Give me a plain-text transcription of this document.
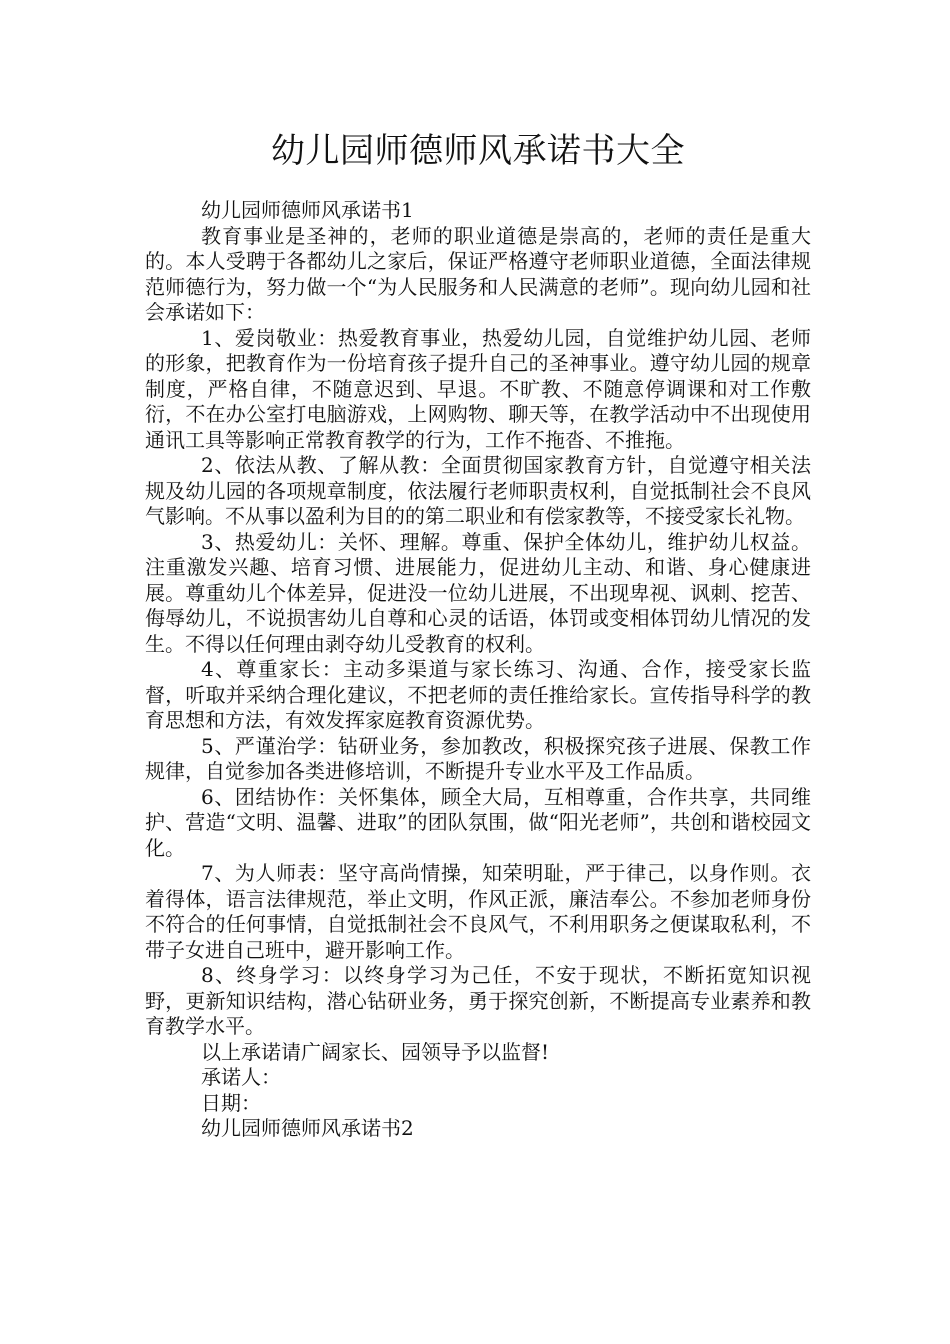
幼儿园师德师风承诺书大全

幼儿园师德师风承诺书1

教育事业是圣神的，老师的职业道德是崇高的，老师的责任是重大的。本人受聘于各都幼儿之家后，保证严格遵守老师职业道德，全面法律规范师德行为，努力做一个“为人民服务和人民满意的老师”。现向幼儿园和社会承诺如下：

1、爱岗敬业：热爱教育事业，热爱幼儿园，自觉维护幼儿园、老师的形象，把教育作为一份培育孩子提升自己的圣神事业。遵守幼儿园的规章制度，严格自律，不随意迟到、早退。不旷教、不随意停调课和对工作敷衍，不在办公室打电脑游戏，上网购物、聊天等，在教学活动中不出现使用通讯工具等影响正常教育教学的行为，工作不拖沓、不推拖。

2、依法从教、了解从教：全面贯彻国家教育方针，自觉遵守相关法规及幼儿园的各项规章制度，依法履行老师职责权利，自觉抵制社会不良风气影响。不从事以盈利为目的的第二职业和有偿家教等，不接受家长礼物。

3、热爱幼儿：关怀、理解。尊重、保护全体幼儿，维护幼儿权益。注重激发兴趣、培育习惯、进展能力，促进幼儿主动、和谐、身心健康进展。尊重幼儿个体差异，促进没一位幼儿进展，不出现卑视、讽刺、挖苦、侮辱幼儿，不说损害幼儿自尊和心灵的话语，体罚或变相体罚幼儿情况的发生。不得以任何理由剥夺幼儿受教育的权利。

4、尊重家长：主动多渠道与家长练习、沟通、合作，接受家长监督，听取并采纳合理化建议，不把老师的责任推给家长。宣传指导科学的教育思想和方法，有效发挥家庭教育资源优势。

5、严谨治学：钻研业务，参加教改，积极探究孩子进展、保教工作规律，自觉参加各类进修培训，不断提升专业水平及工作品质。

6、团结协作：关怀集体，顾全大局，互相尊重，合作共享，共同维护、营造“文明、温馨、进取”的团队氛围，做“阳光老师”，共创和谐校园文化。

7、为人师表：坚守高尚情操，知荣明耻，严于律己，以身作则。衣着得体，语言法律规范，举止文明，作风正派，廉洁奉公。不参加老师身份不符合的任何事情，自觉抵制社会不良风气，不利用职务之便谋取私利，不带子女进自己班中，避开影响工作。

8、终身学习：以终身学习为己任，不安于现状，不断拓宽知识视野，更新知识结构，潜心钻研业务，勇于探究创新，不断提高专业素养和教育教学水平。

以上承诺请广阔家长、园领导予以监督!

承诺人：

日期：

幼儿园师德师风承诺书2
